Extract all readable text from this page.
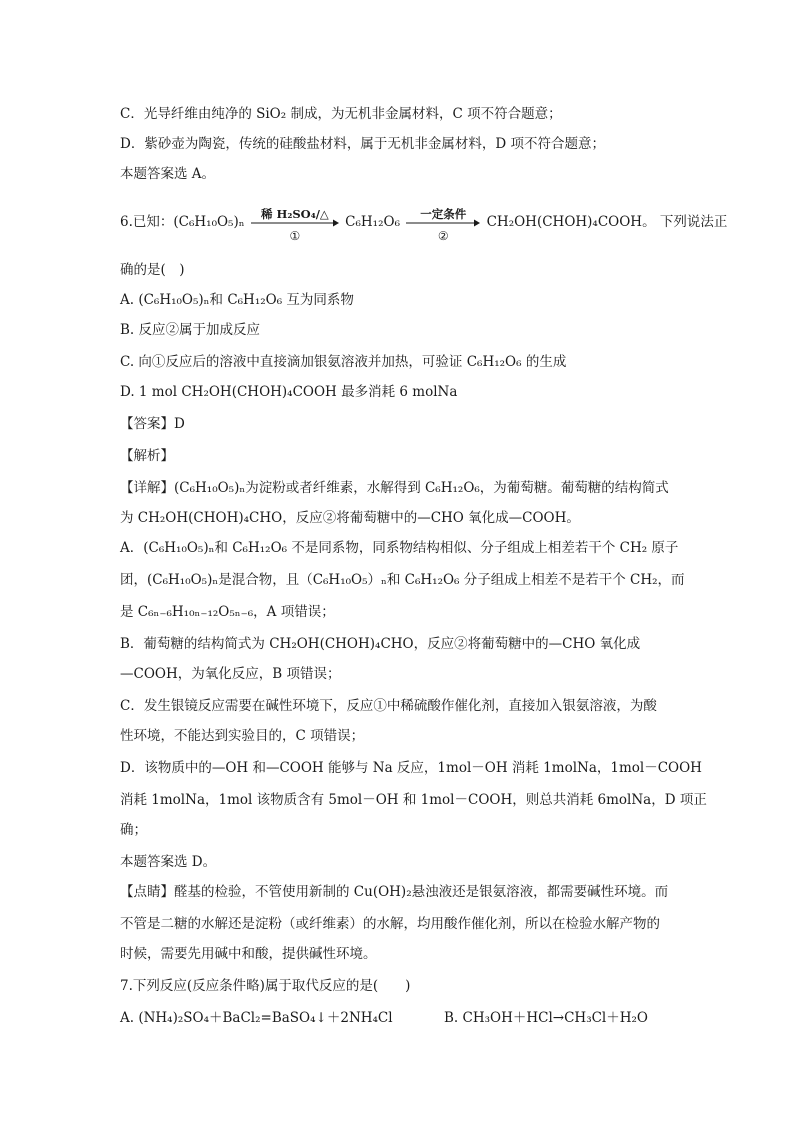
C．光导纤维由纯净的 SiO₂ 制成，为无机非金属材料，C 项不符合题意；
D．紫砂壶为陶瓷，传统的硅酸盐材料，属于无机非金属材料，D 项不符合题意；
本题答案选 A。
6.已知：(C₆H₁₀O₅)ₙ
稀 H₂SO₄/△
①
C₆H₁₂O₆
一定条件
②
CH₂OH(CHOH)₄COOH。 下列说法正
确的是(　)
A. (C₆H₁₀O₅)ₙ和 C₆H₁₂O₆ 互为同系物
B. 反应②属于加成反应
C. 向①反应后的溶液中直接滴加银氨溶液并加热，可验证 C₆H₁₂O₆ 的生成
D. 1 mol CH₂OH(CHOH)₄COOH 最多消耗 6 molNa
【答案】D
【解析】
【详解】(C₆H₁₀O₅)ₙ为淀粉或者纤维素，水解得到 C₆H₁₂O₆，为葡萄糖。葡萄糖的结构简式
为 CH₂OH(CHOH)₄CHO，反应②将葡萄糖中的—CHO 氧化成—COOH。
A．(C₆H₁₀O₅)ₙ和 C₆H₁₂O₆ 不是同系物，同系物结构相似、分子组成上相差若干个 CH₂ 原子
团，(C₆H₁₀O₅)ₙ是混合物，且（C₆H₁₀O₅）ₙ和 C₆H₁₂O₆ 分子组成上相差不是若干个 CH₂，而
是 C₆ₙ₋₆H₁₀ₙ₋₁₂O₅ₙ₋₆，A 项错误；
B．葡萄糖的结构简式为 CH₂OH(CHOH)₄CHO，反应②将葡萄糖中的—CHO 氧化成
—COOH，为氧化反应，B 项错误；
C．发生银镜反应需要在碱性环境下，反应①中稀硫酸作催化剂，直接加入银氨溶液，为酸
性环境，不能达到实验目的，C 项错误；
D．该物质中的—OH 和—COOH 能够与 Na 反应，1mol－OH 消耗 1molNa，1mol－COOH
消耗 1molNa，1mol 该物质含有 5mol－OH 和 1mol－COOH，则总共消耗 6molNa，D 项正
确；
本题答案选 D。
【点睛】醛基的检验，不管使用新制的 Cu(OH)₂悬浊液还是银氨溶液，都需要碱性环境。而
不管是二糖的水解还是淀粉（或纤维素）的水解，均用酸作催化剂，所以在检验水解产物的
时候，需要先用碱中和酸，提供碱性环境。
7.下列反应(反应条件略)属于取代反应的是(　　)
A. (NH₄)₂SO₄＋BaCl₂=BaSO₄↓＋2NH₄Cl	B. CH₃OH＋HCl→CH₃Cl＋H₂O
